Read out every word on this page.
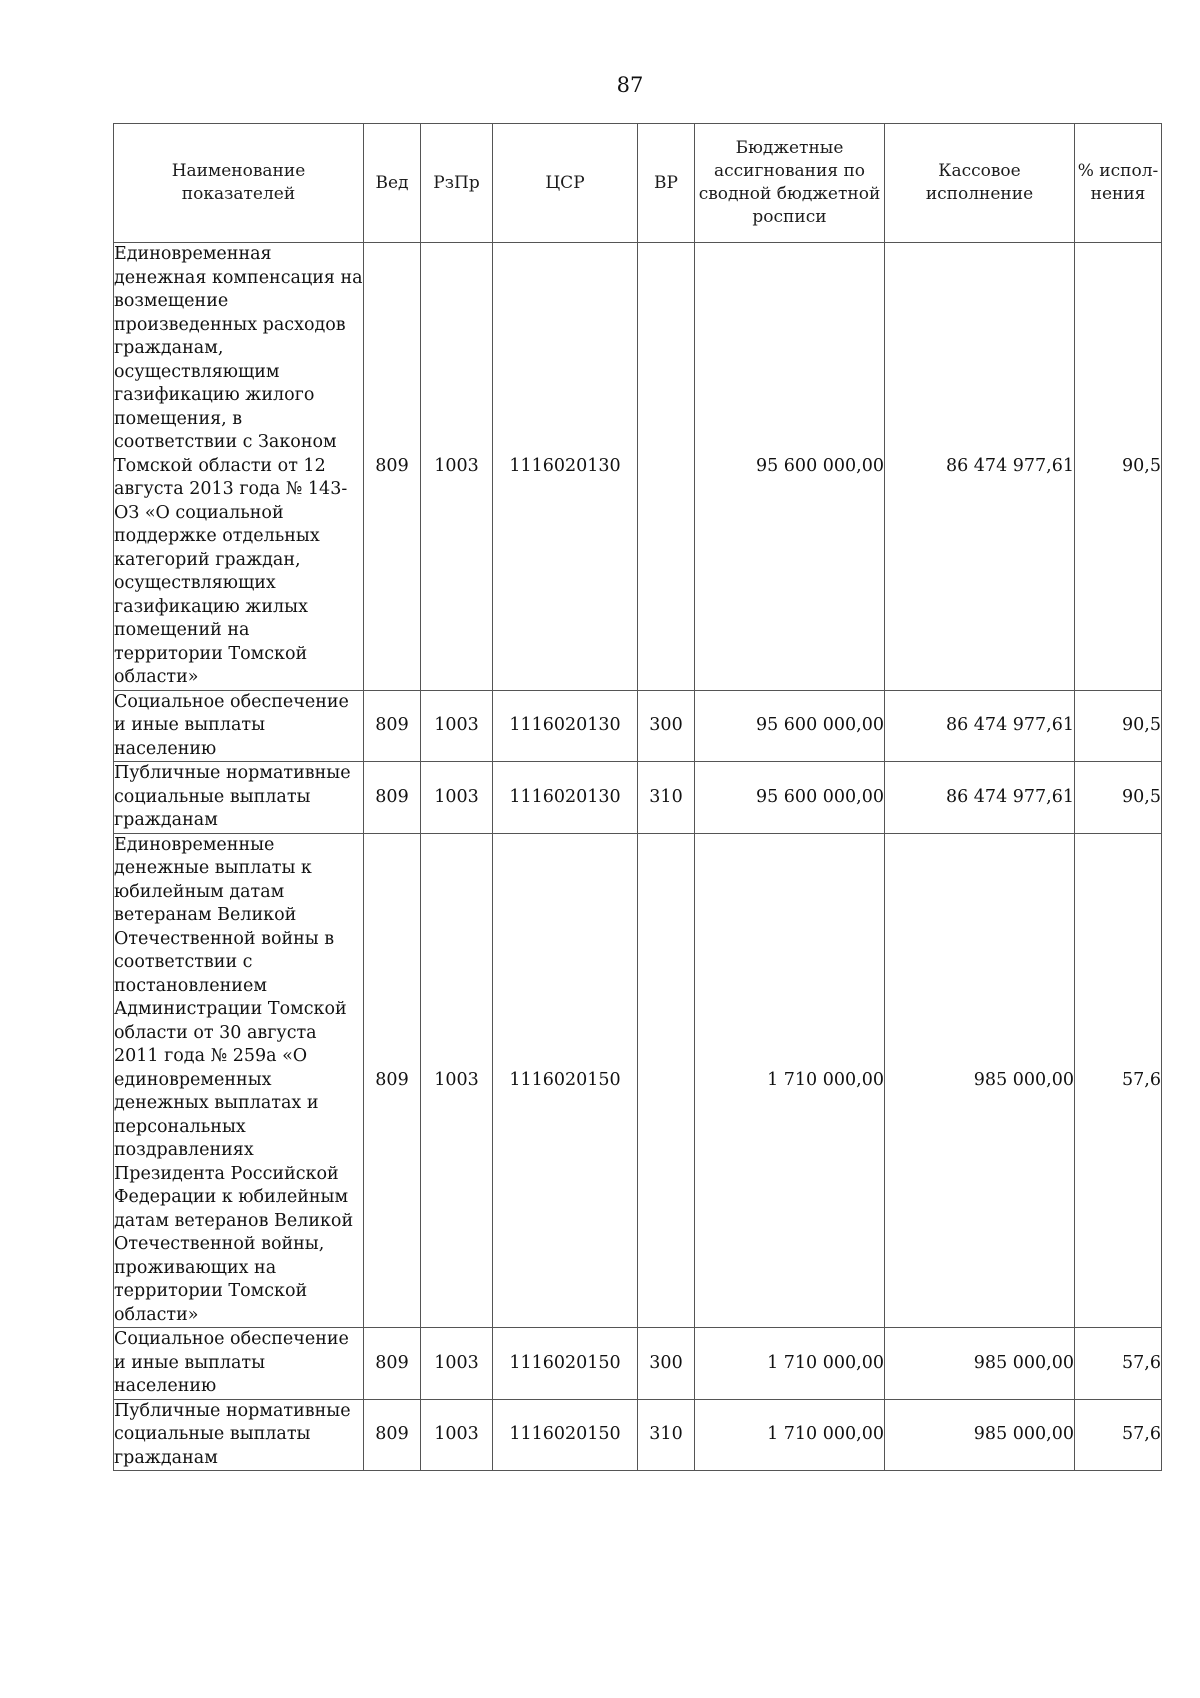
87
Наименование показателей	Вед	РзПр	ЦСР	ВР	Бюджетные ассигнования по сводной бюджетной росписи	Кассовое исполнение	% испол-нения
Единовременная денежная компенсация на возмещение произведенных расходов гражданам, осуществляющим газификацию жилого помещения, в соответствии с Законом Томской области от 12 августа 2013 года № 143-ОЗ «О социальной поддержке отдельных категорий граждан, осуществляющих газификацию жилых помещений на территории Томской области»	809	1003	1116020130		95 600 000,00	86 474 977,61	90,5
Социальное обеспечение и иные выплаты населению	809	1003	1116020130	300	95 600 000,00	86 474 977,61	90,5
Публичные нормативные социальные выплаты гражданам	809	1003	1116020130	310	95 600 000,00	86 474 977,61	90,5
Единовременные денежные выплаты к юбилейным датам ветеранам Великой Отечественной войны в соответствии с постановлением Администрации Томской области от 30 августа 2011 года № 259а «О единовременных денежных выплатах и персональных поздравлениях Президента Российской Федерации к юбилейным датам ветеранов Великой Отечественной войны, проживающих на территории Томской области»	809	1003	1116020150		1 710 000,00	985 000,00	57,6
Социальное обеспечение и иные выплаты населению	809	1003	1116020150	300	1 710 000,00	985 000,00	57,6
Публичные нормативные социальные выплаты гражданам	809	1003	1116020150	310	1 710 000,00	985 000,00	57,6
